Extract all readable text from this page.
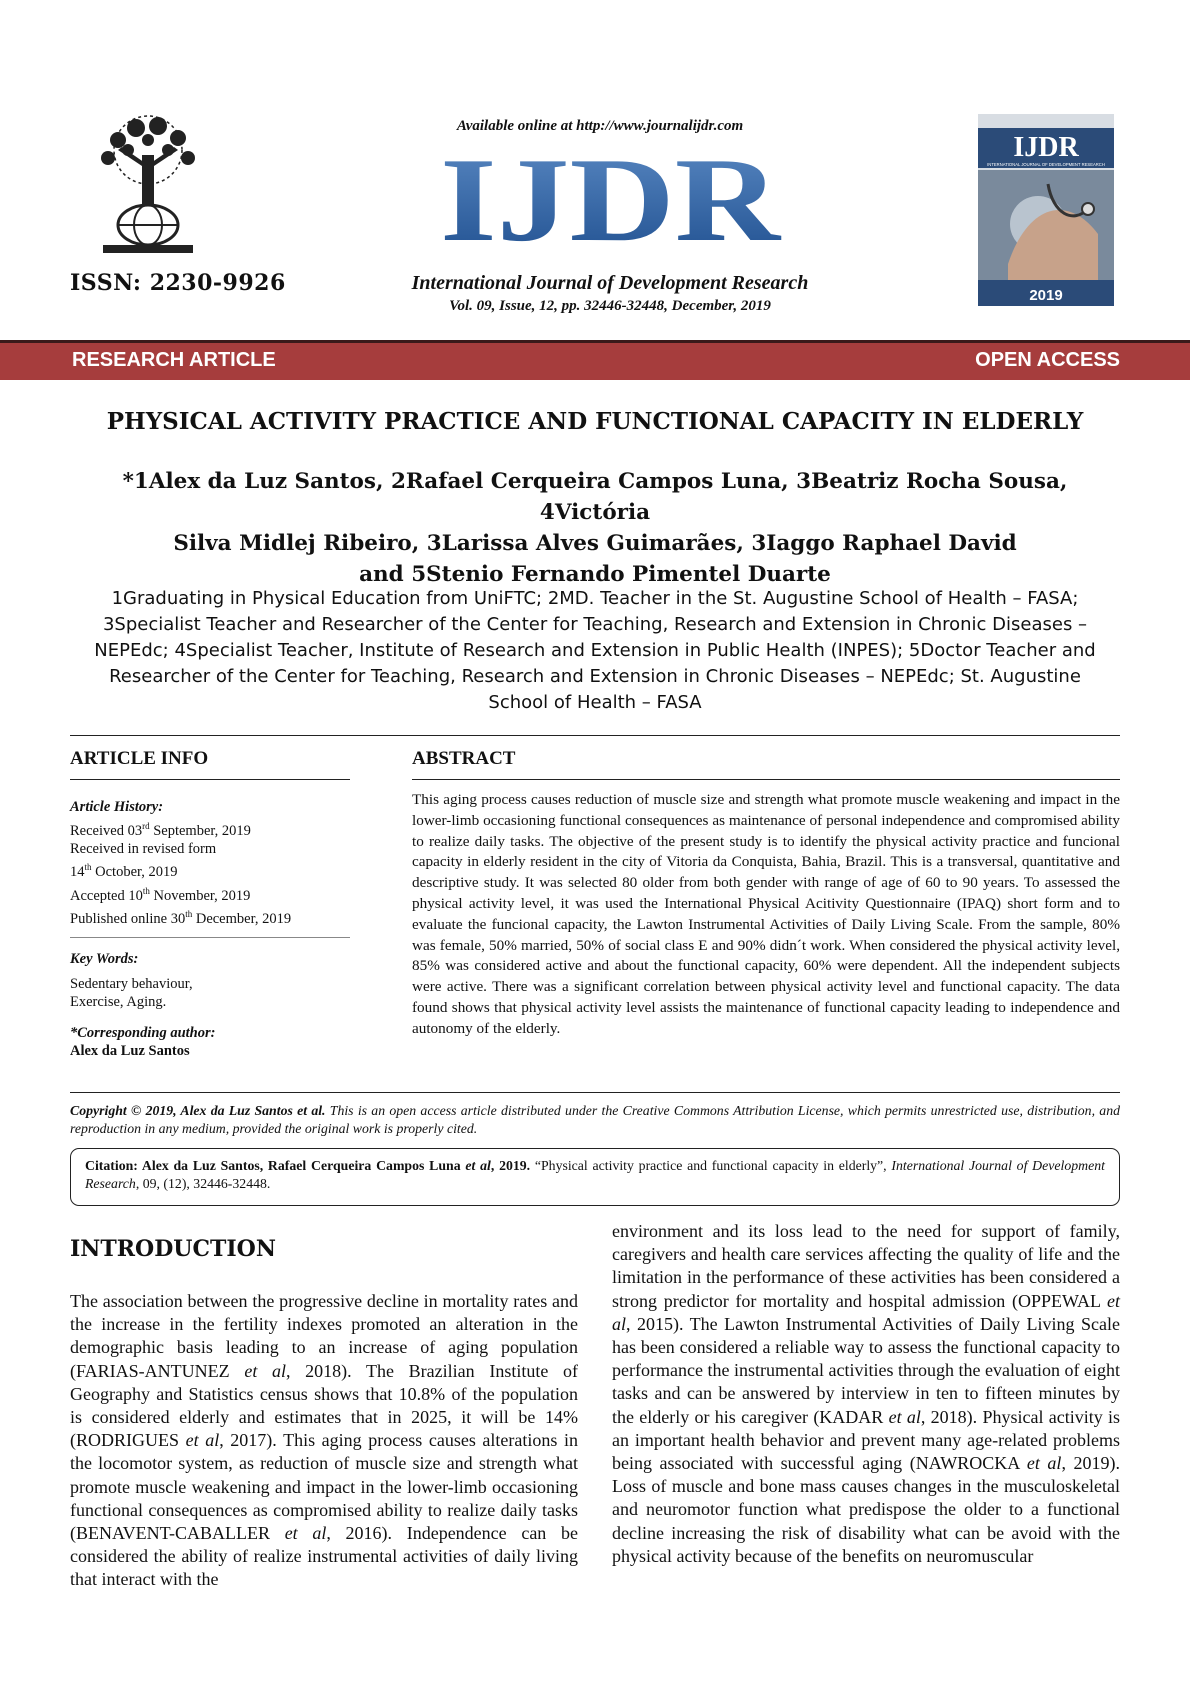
ISSN: 2230-9926
Available online at http://www.journalijdr.com
IJDR
International Journal of Development Research
Vol. 09, Issue, 12, pp. 32446-32448, December, 2019
IJDR
INTERNATIONAL JOURNAL OF DEVELOPMENT RESEARCH
2019
RESEARCH ARTICLE	OPEN ACCESS
PHYSICAL ACTIVITY PRACTICE AND FUNCTIONAL CAPACITY IN ELDERLY
*1Alex da Luz Santos, 2Rafael Cerqueira Campos Luna, 3Beatriz Rocha Sousa, 4Victória
Silva Midlej Ribeiro, 3Larissa Alves Guimarães, 3Iaggo Raphael David
and 5Stenio Fernando Pimentel Duarte
1Graduating in Physical Education from UniFTC; 2MD. Teacher in the St. Augustine School of Health – FASA;
3Specialist Teacher and Researcher of the Center for Teaching, Research and Extension in Chronic Diseases –
NEPEdc; 4Specialist Teacher, Institute of Research and Extension in Public Health (INPES); 5Doctor Teacher and
Researcher of the Center for Teaching, Research and Extension in Chronic Diseases – NEPEdc; St. Augustine
School of Health – FASA
ARTICLE INFO	ABSTRACT
Article History:
Received 03rd September, 2019
Received in revised form
14th October, 2019
Accepted 10th November, 2019
Published online 30th December, 2019
Key Words:
Sedentary behaviour,
Exercise, Aging.
*Corresponding author:
Alex da Luz Santos
This aging process causes reduction of muscle size and strength what promote muscle weakening and impact in the lower-limb occasioning functional consequences as maintenance of personal independence and compromised ability to realize daily tasks. The objective of the present study is to identify the physical activity practice and funcional capacity in elderly resident in the city of Vitoria da Conquista, Bahia, Brazil. This is a transversal, quantitative and descriptive study. It was selected 80 older from both gender with range of age of 60 to 90 years. To assessed the physical activity level, it was used the International Physical Acitivity Questionnaire (IPAQ) short form and to evaluate the funcional capacity, the Lawton Instrumental Activities of Daily Living Scale. From the sample, 80% was female, 50% married, 50% of social class E and 90% didn´t work. When considered the physical activity level, 85% was considered active and about the functional capacity, 60% were dependent. All the independent subjects were active. There was a significant correlation between physical activity level and functional capacity. The data found shows that physical activity level assists the maintenance of functional capacity leading to independence and autonomy of the elderly.
Copyright © 2019, Alex da Luz Santos et al. This is an open access article distributed under the Creative Commons Attribution License, which permits unrestricted use, distribution, and reproduction in any medium, provided the original work is properly cited.
Citation: Alex da Luz Santos, Rafael Cerqueira Campos Luna et al, 2019. “Physical activity practice and functional capacity in elderly”, International Journal of Development Research, 09, (12), 32446-32448.
INTRODUCTION
The association between the progressive decline in mortality rates and the increase in the fertility indexes promoted an alteration in the demographic basis leading to an increase of aging population (FARIAS-ANTUNEZ et al, 2018). The Brazilian Institute of Geography and Statistics census shows that 10.8% of the population is considered elderly and estimates that in 2025, it will be 14% (RODRIGUES et al, 2017). This aging process causes alterations in the locomotor system, as reduction of muscle size and strength what promote muscle weakening and impact in the lower-limb occasioning functional consequences as compromised ability to realize daily tasks (BENAVENT-CABALLER et al, 2016). Independence can be considered the ability of realize instrumental activities of daily living that interact with the
environment and its loss lead to the need for support of family, caregivers and health care services affecting the quality of life and the limitation in the performance of these activities has been considered a strong predictor for mortality and hospital admission (OPPEWAL et al, 2015). The Lawton Instrumental Activities of Daily Living Scale has been considered a reliable way to assess the functional capacity to performance the instrumental activities through the evaluation of eight tasks and can be answered by interview in ten to fifteen minutes by the elderly or his caregiver (KADAR et al, 2018). Physical activity is an important health behavior and prevent many age-related problems being associated with successful aging (NAWROCKA et al, 2019). Loss of muscle and bone mass causes changes in the musculoskeletal and neuromotor function what predispose the older to a functional decline increasing the risk of disability what can be avoid with the physical activity because of the benefits on neuromuscular
